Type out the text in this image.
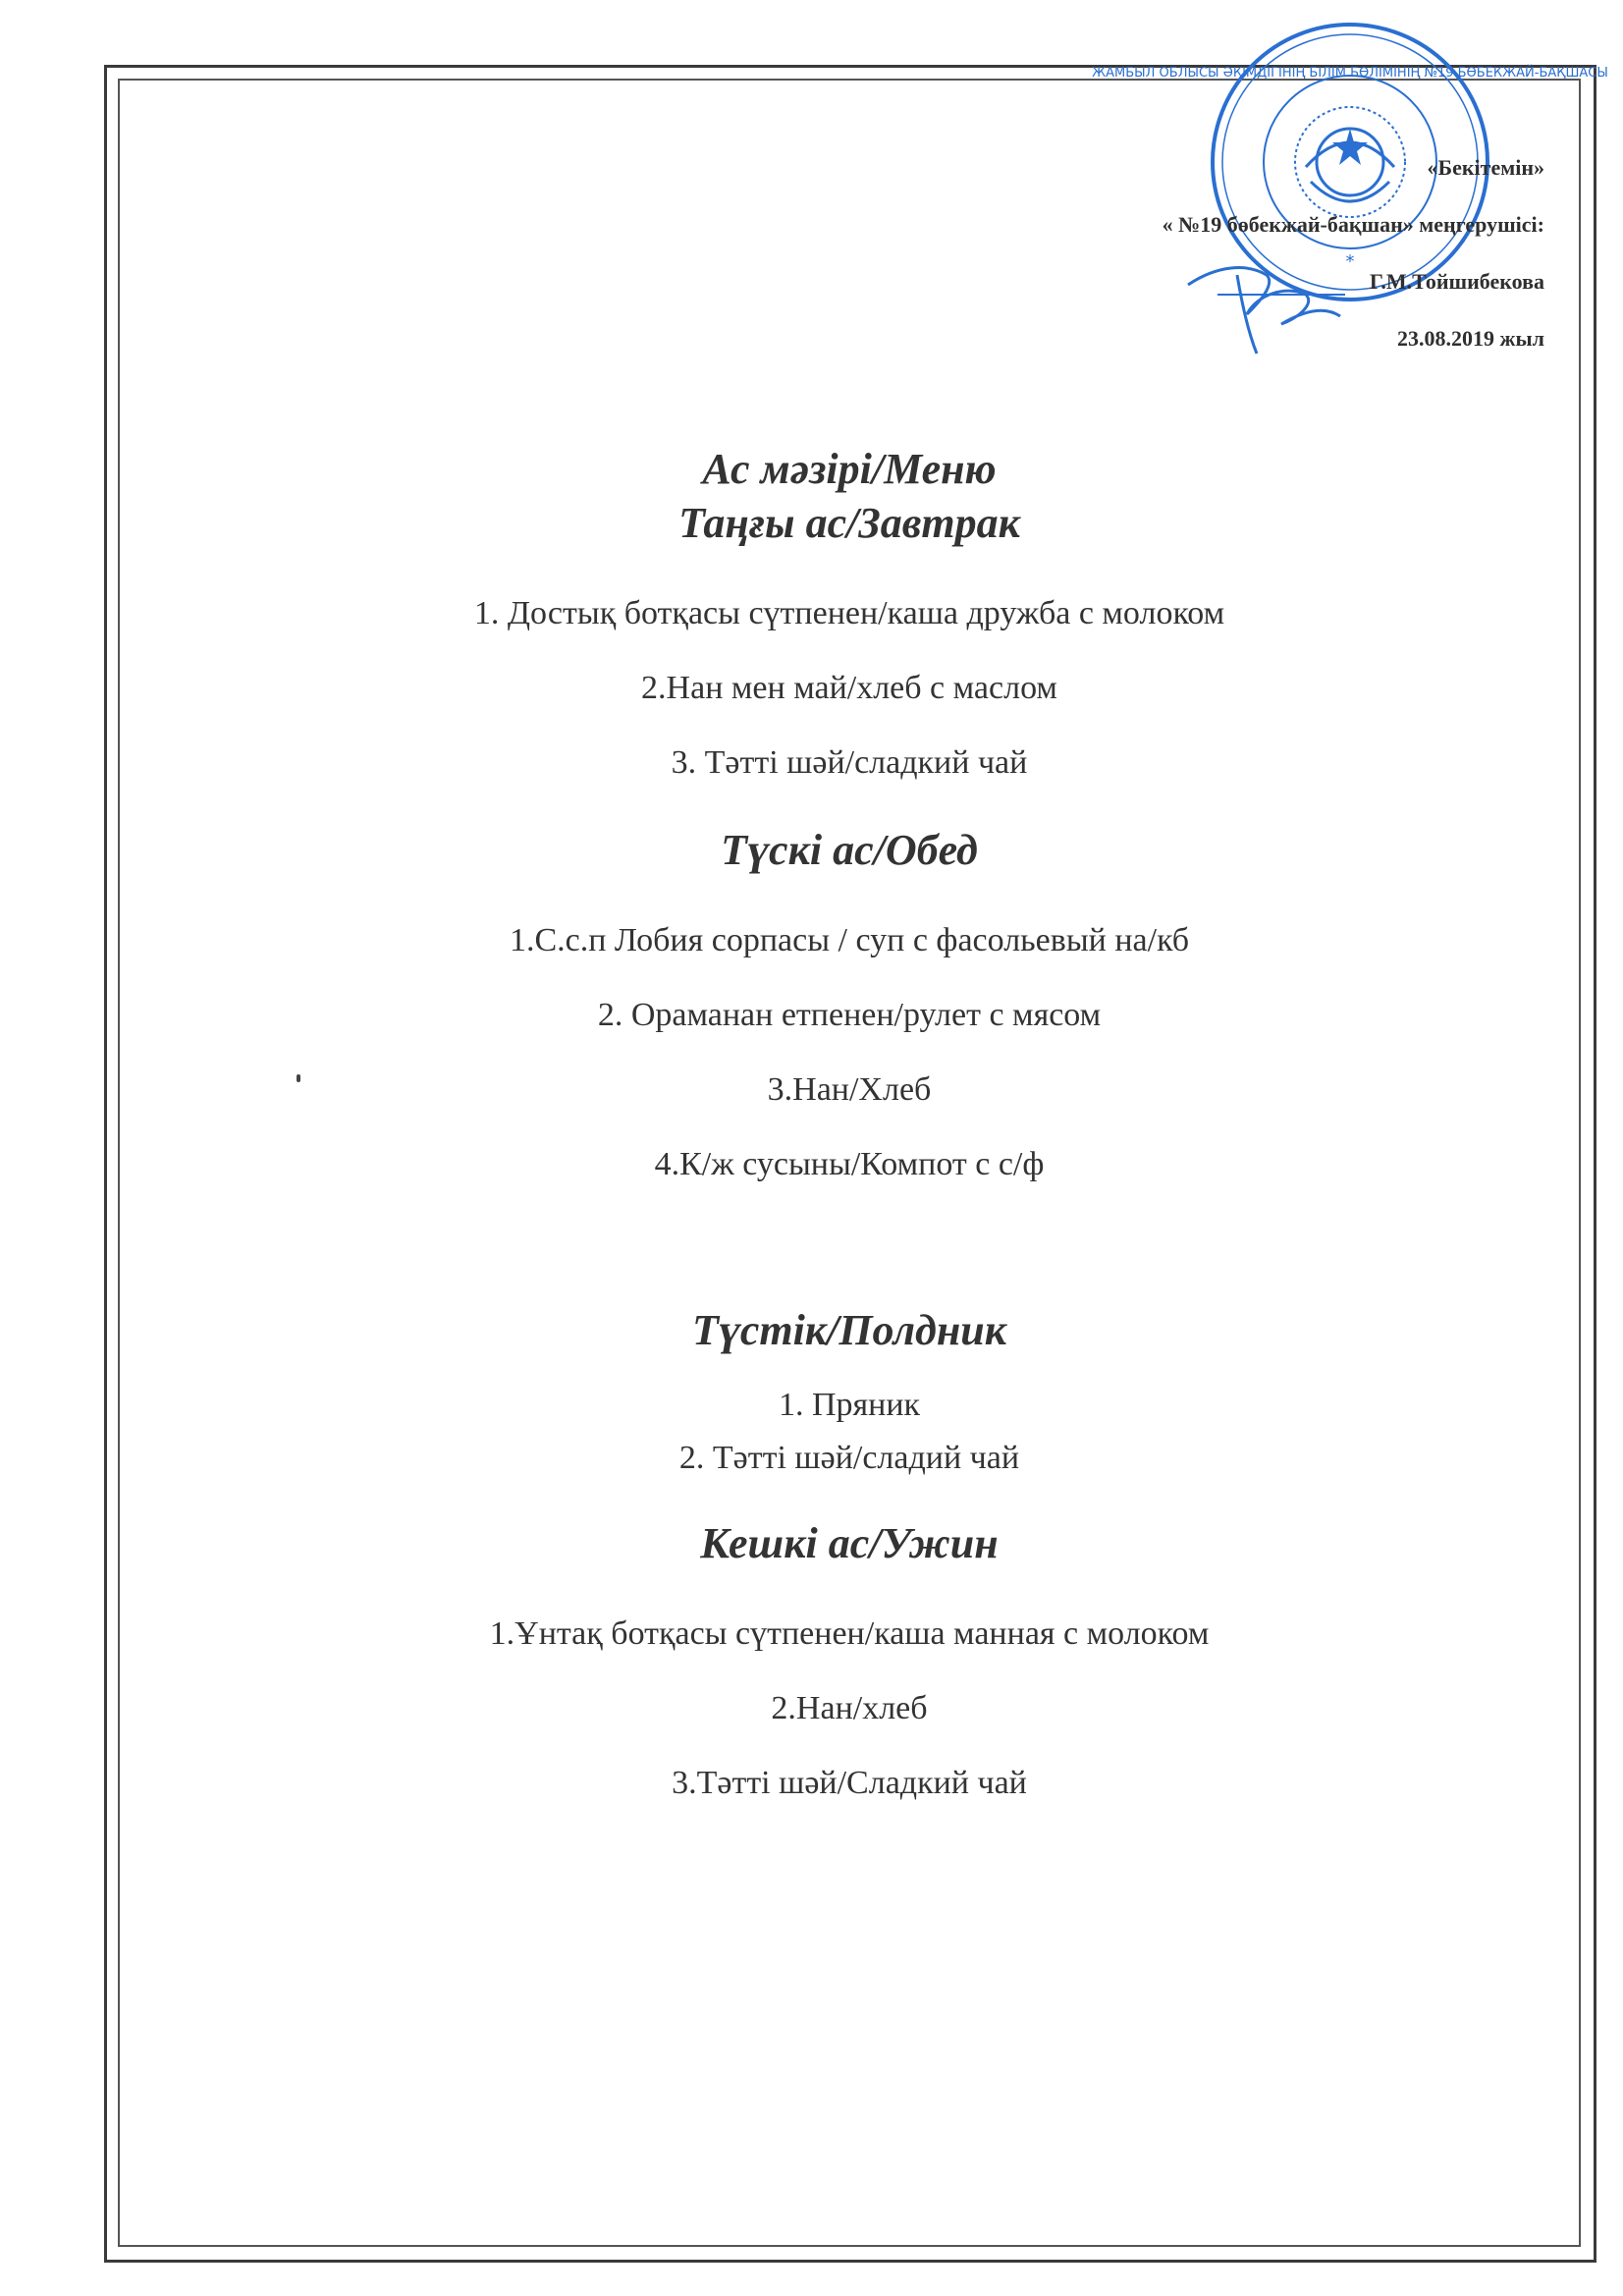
*
ЖАМБЫЛ ОБЛЫСЫ ӘКІМДІГІНІҢ БІЛІМ БӨЛІМІНІҢ №19 БӨБЕКЖАЙ-БАҚШАСЫ
«Бекітемін»
« №19 бөбекжай-бақшан» меңгерушісі:
Г.М.Тойшибекова
23.08.2019 жыл
Ас мәзірі/Меню
Таңғы ас/Завтрак
1. Достық ботқасы сүтпенен/каша дружба с молоком
2.Нан мен май/хлеб с маслом
3. Тәтті шәй/сладкий чай
Түскі ас/Обед
1.С.с.п Лобия сорпасы / суп с фасольевый на/кб
2. Ораманан етпенен/рулет с мясом
3.Нан/Хлеб
4.К/ж сусыны/Компот с с/ф
Түстік/Полдник
1. Пряник
2. Тәтті шәй/сладий чай
Кешкі ас/Ужин
1.Ұнтақ ботқасы сүтпенен/каша манная с молоком
2.Нан/хлеб
3.Тәтті шәй/Сладкий чай
